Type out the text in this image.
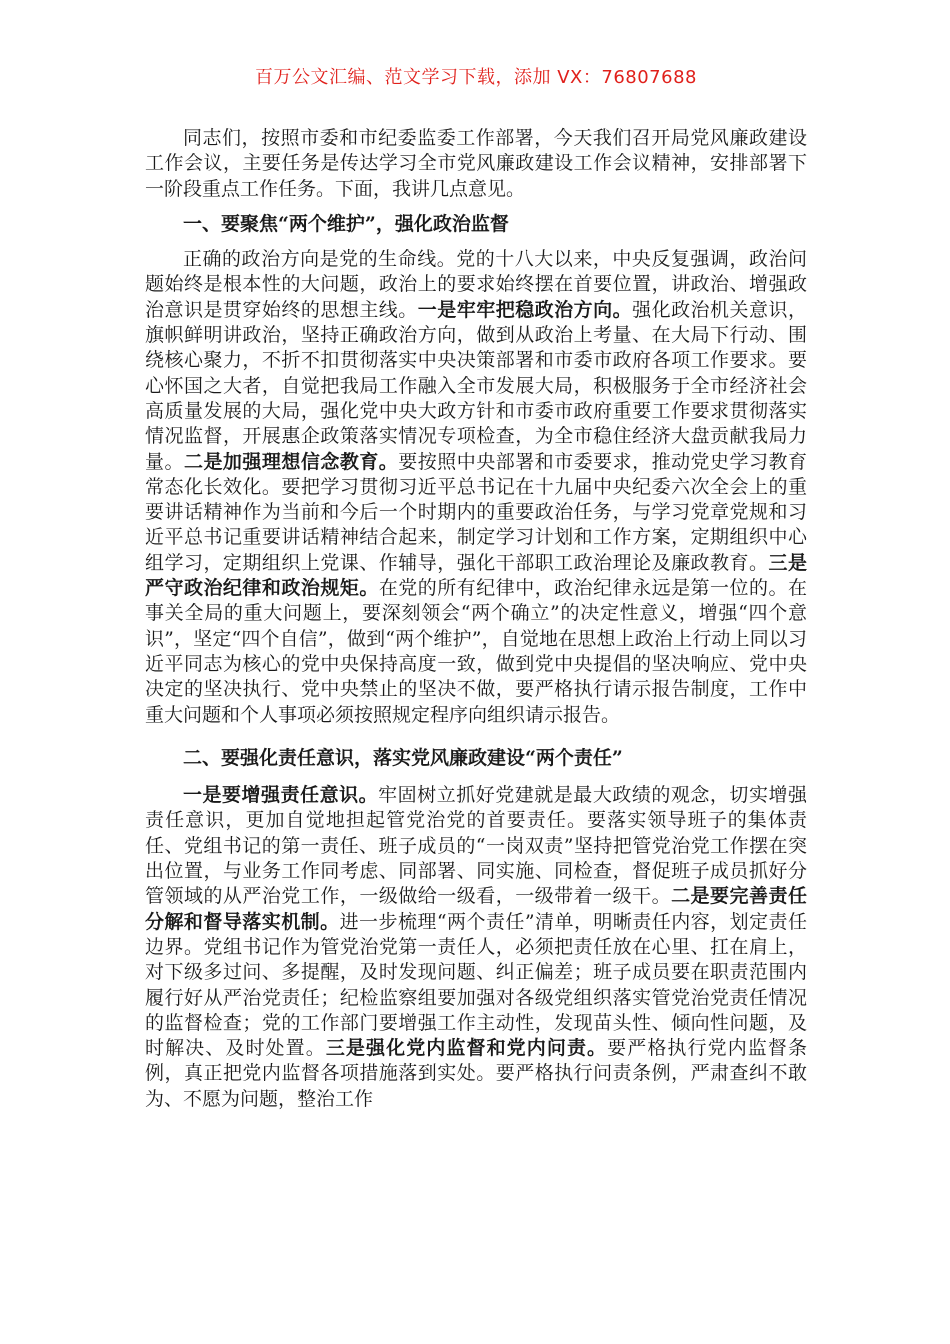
百万公文汇编、范文学习下载，添加 VX：76807688

同志们，按照市委和市纪委监委工作部署，今天我们召开局党风廉政建设工作会议，主要任务是传达学习全市党风廉政建设工作会议精神，安排部署下一阶段重点工作任务。下面，我讲几点意见。

一、要聚焦“两个维护”，强化政治监督

正确的政治方向是党的生命线。党的十八大以来，中央反复强调，政治问题始终是根本性的大问题，政治上的要求始终摆在首要位置，讲政治、增强政治意识是贯穿始终的思想主线。一是牢牢把稳政治方向。强化政治机关意识，旗帜鲜明讲政治，坚持正确政治方向，做到从政治上考量、在大局下行动、围绕核心聚力，不折不扣贯彻落实中央决策部署和市委市政府各项工作要求。要心怀国之大者，自觉把我局工作融入全市发展大局，积极服务于全市经济社会高质量发展的大局，强化党中央大政方针和市委市政府重要工作要求贯彻落实情况监督，开展惠企政策落实情况专项检查，为全市稳住经济大盘贡献我局力量。二是加强理想信念教育。要按照中央部署和市委要求，推动党史学习教育常态化长效化。要把学习贯彻习近平总书记在十九届中央纪委六次全会上的重要讲话精神作为当前和今后一个时期内的重要政治任务，与学习党章党规和习近平总书记重要讲话精神结合起来，制定学习计划和工作方案，定期组织中心组学习，定期组织上党课、作辅导，强化干部职工政治理论及廉政教育。三是严守政治纪律和政治规矩。在党的所有纪律中，政治纪律永远是第一位的。在事关全局的重大问题上，要深刻领会“两个确立”的决定性意义，增强“四个意识”，坚定“四个自信”，做到“两个维护”，自觉地在思想上政治上行动上同以习近平同志为核心的党中央保持高度一致，做到党中央提倡的坚决响应、党中央决定的坚决执行、党中央禁止的坚决不做，要严格执行请示报告制度，工作中重大问题和个人事项必须按照规定程序向组织请示报告。

二、要强化责任意识，落实党风廉政建设“两个责任”

一是要增强责任意识。牢固树立抓好党建就是最大政绩的观念，切实增强责任意识，更加自觉地担起管党治党的首要责任。要落实领导班子的集体责任、党组书记的第一责任、班子成员的“一岗双责”坚持把管党治党工作摆在突出位置，与业务工作同考虑、同部署、同实施、同检查，督促班子成员抓好分管领域的从严治党工作，一级做给一级看，一级带着一级干。二是要完善责任分解和督导落实机制。进一步梳理“两个责任”清单，明晰责任内容，划定责任边界。党组书记作为管党治党第一责任人，必须把责任放在心里、扛在肩上，对下级多过问、多提醒，及时发现问题、纠正偏差；班子成员要在职责范围内履行好从严治党责任；纪检监察组要加强对各级党组织落实管党治党责任情况的监督检查；党的工作部门要增强工作主动性，发现苗头性、倾向性问题，及时解决、及时处置。三是强化党内监督和党内问责。要严格执行党内监督条例，真正把党内监督各项措施落到实处。要严格执行问责条例，严肃查纠不敢为、不愿为问题，整治工作
